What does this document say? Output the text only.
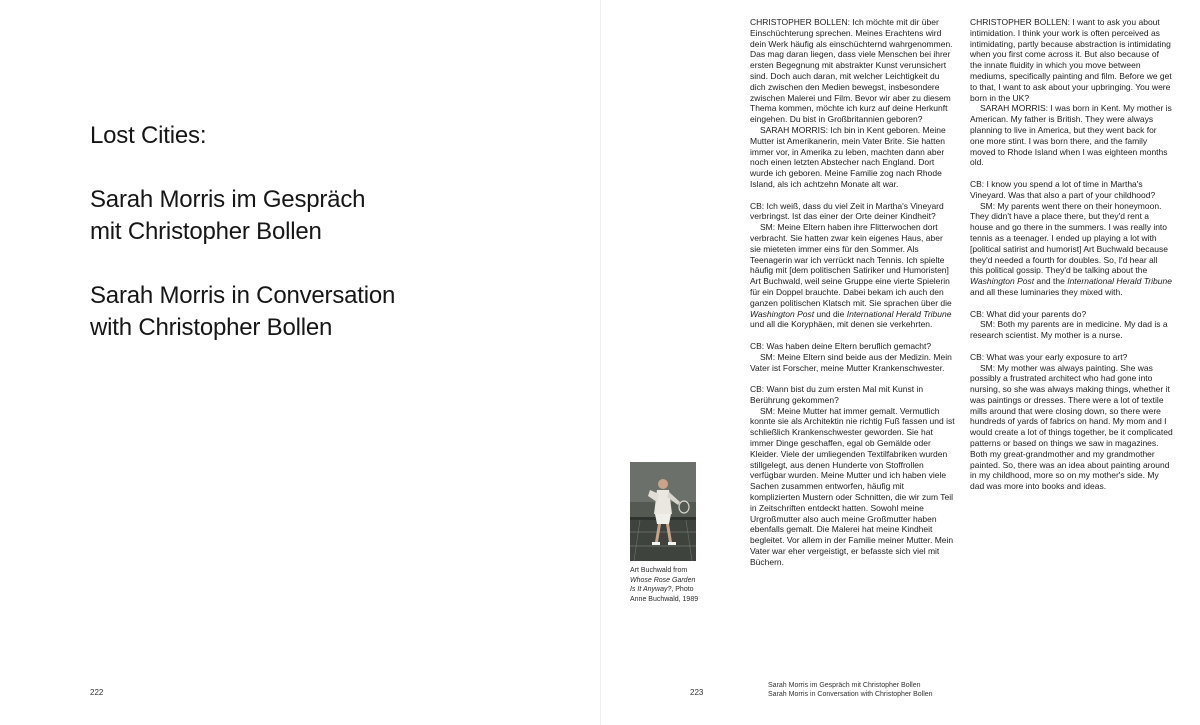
Lost Cities:
Sarah Morris im Gespräch
mit Christopher Bollen
Sarah Morris in Conversation
with Christopher Bollen
Art Buchwald from
Whose Rose Garden
Is It Anyway?, Photo
Anne Buchwald, 1989

CHRISTOPHER BOLLEN: Ich möchte mit dir über Einschüchterung sprechen. Meines Erachtens wird dein Werk häufig als einschüchternd wahrgenommen. Das mag daran liegen, dass viele Menschen bei ihrer ersten Begegnung mit abstrakter Kunst verunsichert sind. Doch auch daran, mit welcher Leichtigkeit du dich zwischen den Medien bewegst, insbesondere zwischen Malerei und Film. Bevor wir aber zu diesem Thema kommen, möchte ich kurz auf deine Herkunft eingehen. Du bist in Großbritannien geboren?

SARAH MORRIS: Ich bin in Kent geboren. Meine Mutter ist Amerikanerin, mein Vater Brite. Sie hatten immer vor, in Amerika zu leben, machten dann aber noch einen letzten Abstecher nach England. Dort wurde ich geboren. Meine Familie zog nach Rhode Island, als ich achtzehn Monate alt war.

CB: Ich weiß, dass du viel Zeit in Martha's Vineyard verbringst. Ist das einer der Orte deiner Kindheit?

SM: Meine Eltern haben ihre Flitterwochen dort verbracht. Sie hatten zwar kein eigenes Haus, aber sie mieteten immer eins für den Sommer. Als Teenagerin war ich verrückt nach Tennis. Ich spielte häufig mit [dem politischen Satiriker und Humoristen] Art Buchwald, weil seine Gruppe eine vierte Spielerin für ein Doppel brauchte. Dabei bekam ich auch den ganzen politischen Klatsch mit. Sie sprachen über die Washington Post und die International Herald Tribune und all die Koryphäen, mit denen sie verkehrten.

CB: Was haben deine Eltern beruflich gemacht?

SM: Meine Eltern sind beide aus der Medizin. Mein Vater ist Forscher, meine Mutter Krankenschwester.

CB: Wann bist du zum ersten Mal mit Kunst in Berührung gekommen?

SM: Meine Mutter hat immer gemalt. Vermutlich konnte sie als Architektin nie richtig Fuß fassen und ist schließlich Krankenschwester geworden. Sie hat immer Dinge geschaffen, egal ob Gemälde oder Kleider. Viele der umliegenden Textilfabriken wurden stillgelegt, aus denen Hunderte von Stoffrollen verfügbar wurden. Meine Mutter und ich haben viele Sachen zusammen entworfen, häufig mit komplizierten Mustern oder Schnitten, die wir zum Teil in Zeitschriften entdeckt hatten. Sowohl meine Urgroßmutter also auch meine Großmutter haben ebenfalls gemalt. Die Malerei hat meine Kindheit begleitet. Vor allem in der Familie meiner Mutter. Mein Vater war eher vergeistigt, er befasste sich viel mit Büchern.

CHRISTOPHER BOLLEN: I want to ask you about intimidation. I think your work is often perceived as intimidating, partly because abstraction is intimidating when you first come across it. But also because of the innate fluidity in which you move between mediums, specifically painting and film. Before we get to that, I want to ask about your upbringing. You were born in the UK?

SARAH MORRIS: I was born in Kent. My mother is American. My father is British. They were always planning to live in America, but they went back for one more stint. I was born there, and the family moved to Rhode Island when I was eighteen months old.

CB: I know you spend a lot of time in Martha's Vineyard. Was that also a part of your childhood?

SM: My parents went there on their honeymoon. They didn't have a place there, but they'd rent a house and go there in the summers. I was really into tennis as a teenager. I ended up playing a lot with [political satirist and humorist] Art Buchwald because they'd needed a fourth for doubles. So, I'd hear all this political gossip. They'd be talking about the Washington Post and the International Herald Tribune and all these luminaries they mixed with.

CB: What did your parents do?

SM: Both my parents are in medicine. My dad is a research scientist. My mother is a nurse.

CB: What was your early exposure to art?

SM: My mother was always painting. She was possibly a frustrated architect who had gone into nursing, so she was always making things, whether it was paintings or dresses. There were a lot of textile mills around that were closing down, so there were hundreds of yards of fabrics on hand. My mom and I would create a lot of things together, be it complicated patterns or based on things we saw in magazines. Both my great-grandmother and my grandmother painted. So, there was an idea about painting around in my childhood, more so on my mother's side. My dad was more into books and ideas.

222	223
Sarah Morris im Gespräch mit Christopher Bollen
Sarah Morris in Conversation with Christopher Bollen
